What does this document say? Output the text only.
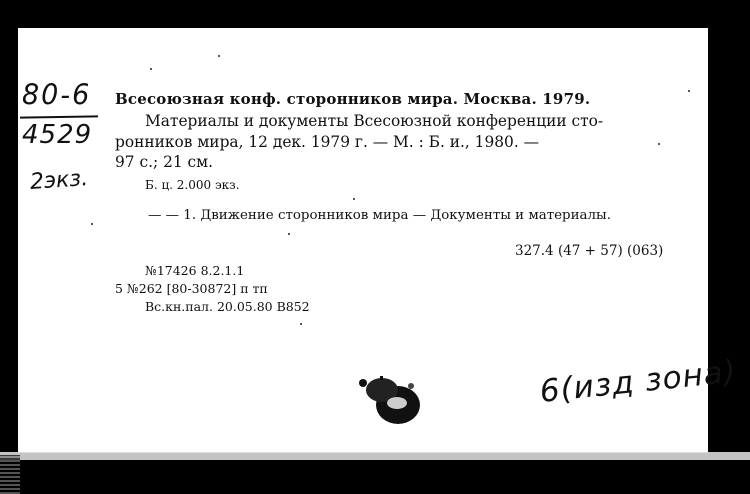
80-6
4529
2экз.
Всесоюзная конф. сторонников мира. Москва. 1979.
Материалы и документы Всесоюзной конференции сто-
ронников мира, 12 дек. 1979 г. — М. : Б. и., 1980. —
97 с.; 21 см.
Б. ц. 2.000 экз.
— — 1. Движение сторонников мира — Документы и материалы.
327.4 (47 + 57) (063)
№17426 8.2.1.1
5 №262 [80-30872] п тп
Вс.кн.пал. 20.05.80 В852
6(изд зона)
